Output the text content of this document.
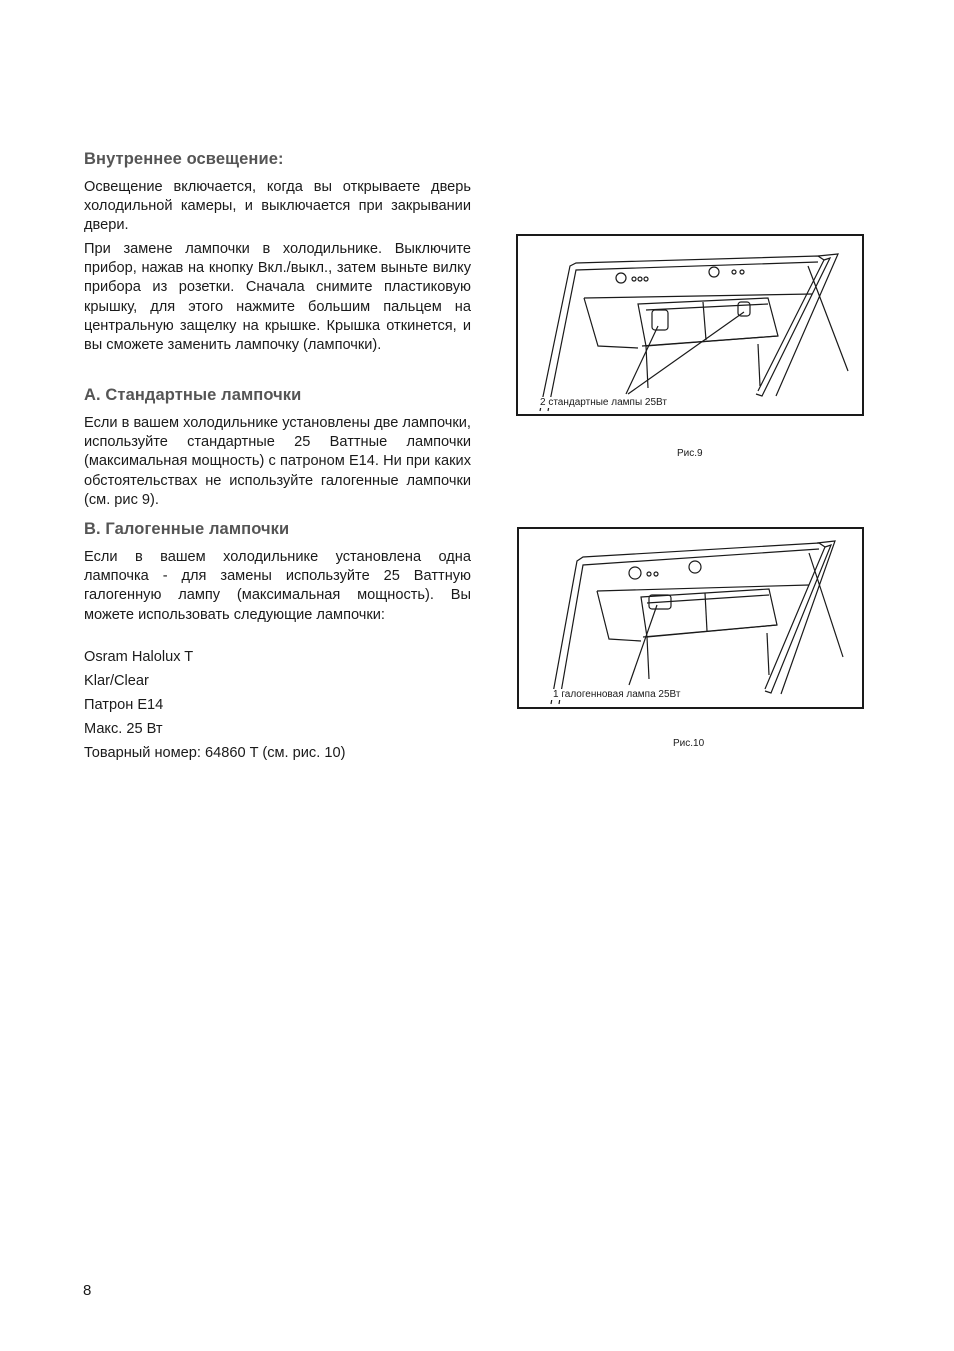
Внутреннее освещение:

Освещение включается, когда вы открываете дверь холодильной камеры, и выключается при закрывании двери.

При замене лампочки в холодильнике. Выключите прибор, нажав на кнопку Вкл./выкл., затем выньте вилку прибора из розетки. Сначала снимите пластиковую крышку, для этого нажмите большим пальцем на центральную защелку на крышке. Крышка откинется, и вы сможете заменить лампочку (лампочки).

A. Стандартные лампочки

Если в вашем холодильнике установлены две лампочки, используйте стандартные 25 Ваттные лампочки (максимальная мощность) с патроном E14. Ни при каких обстоятельствах не используйте галогенные лампочки (см. рис 9).

B. Галогенные лампочки

Если в вашем холодильнике установлена одна лампочка - для замены используйте 25 Ваттную галогенную лампу (максимальная мощность). Вы можете использовать следующие лампочки:

Osram Halolux T
Klar/Clear
Патрон E14
Макс. 25 Вт
Товарный номер: 64860 T (см. рис. 10)
2 стандартные лампы 25Вт
Рис.9
1 галогенновая лампа 25Вт
Рис.10
8
